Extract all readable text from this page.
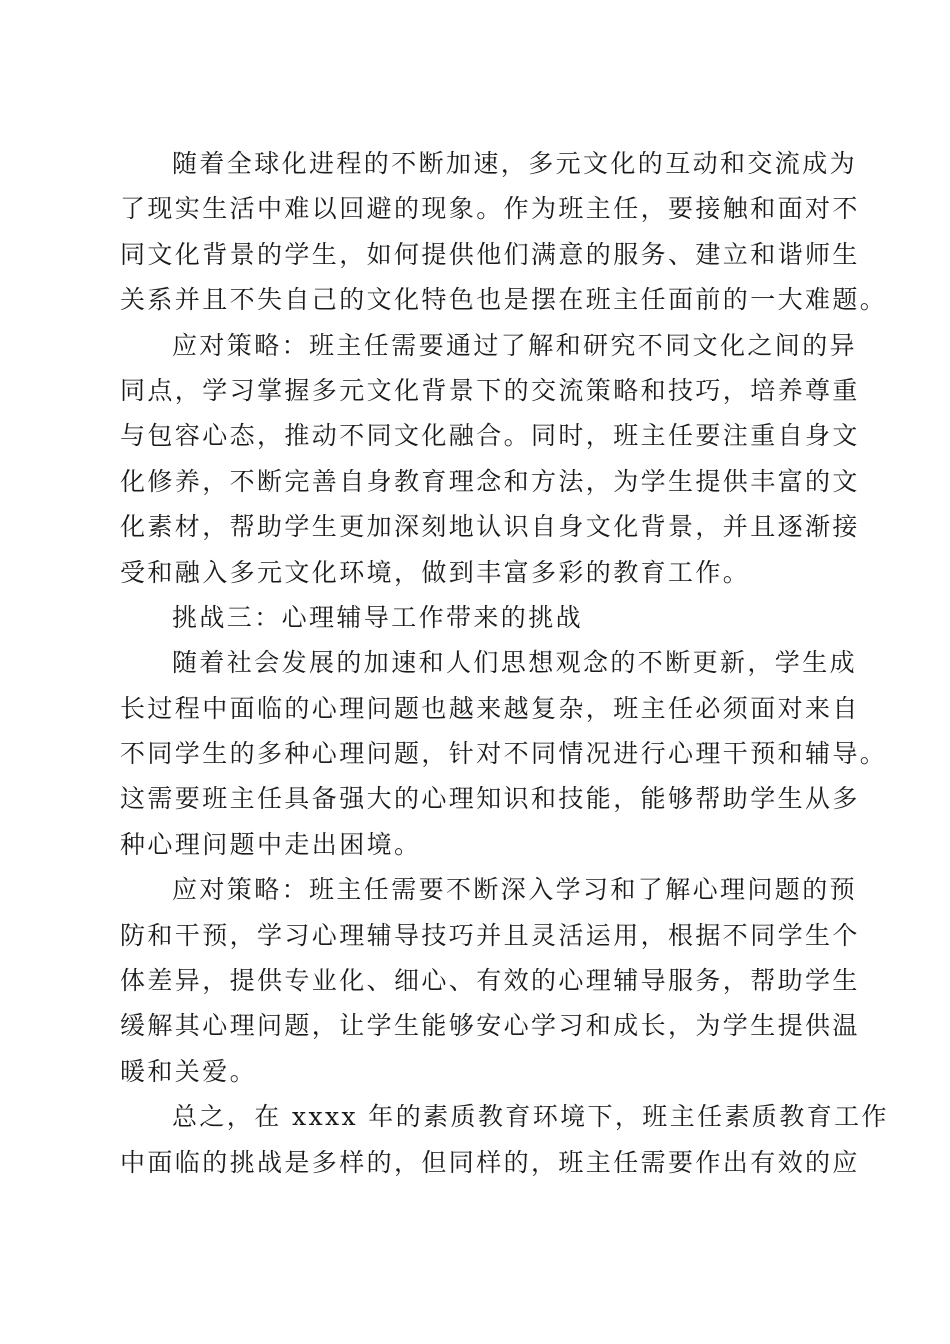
随着全球化进程的不断加速，多元文化的互动和交流成为
了现实生活中难以回避的现象。作为班主任，要接触和面对不
同文化背景的学生，如何提供他们满意的服务、建立和谐师生
关系并且不失自己的文化特色也是摆在班主任面前的一大难题。
应对策略：班主任需要通过了解和研究不同文化之间的异
同点，学习掌握多元文化背景下的交流策略和技巧，培养尊重
与包容心态，推动不同文化融合。同时，班主任要注重自身文
化修养，不断完善自身教育理念和方法，为学生提供丰富的文
化素材，帮助学生更加深刻地认识自身文化背景，并且逐渐接
受和融入多元文化环境，做到丰富多彩的教育工作。
挑战三：心理辅导工作带来的挑战
随着社会发展的加速和人们思想观念的不断更新，学生成
长过程中面临的心理问题也越来越复杂，班主任必须面对来自
不同学生的多种心理问题，针对不同情况进行心理干预和辅导。
这需要班主任具备强大的心理知识和技能，能够帮助学生从多
种心理问题中走出困境。
应对策略：班主任需要不断深入学习和了解心理问题的预
防和干预，学习心理辅导技巧并且灵活运用，根据不同学生个
体差异，提供专业化、细心、有效的心理辅导服务，帮助学生
缓解其心理问题，让学生能够安心学习和成长，为学生提供温
暖和关爱。
总之，在 xxxx 年的素质教育环境下，班主任素质教育工作
中面临的挑战是多样的，但同样的，班主任需要作出有效的应
